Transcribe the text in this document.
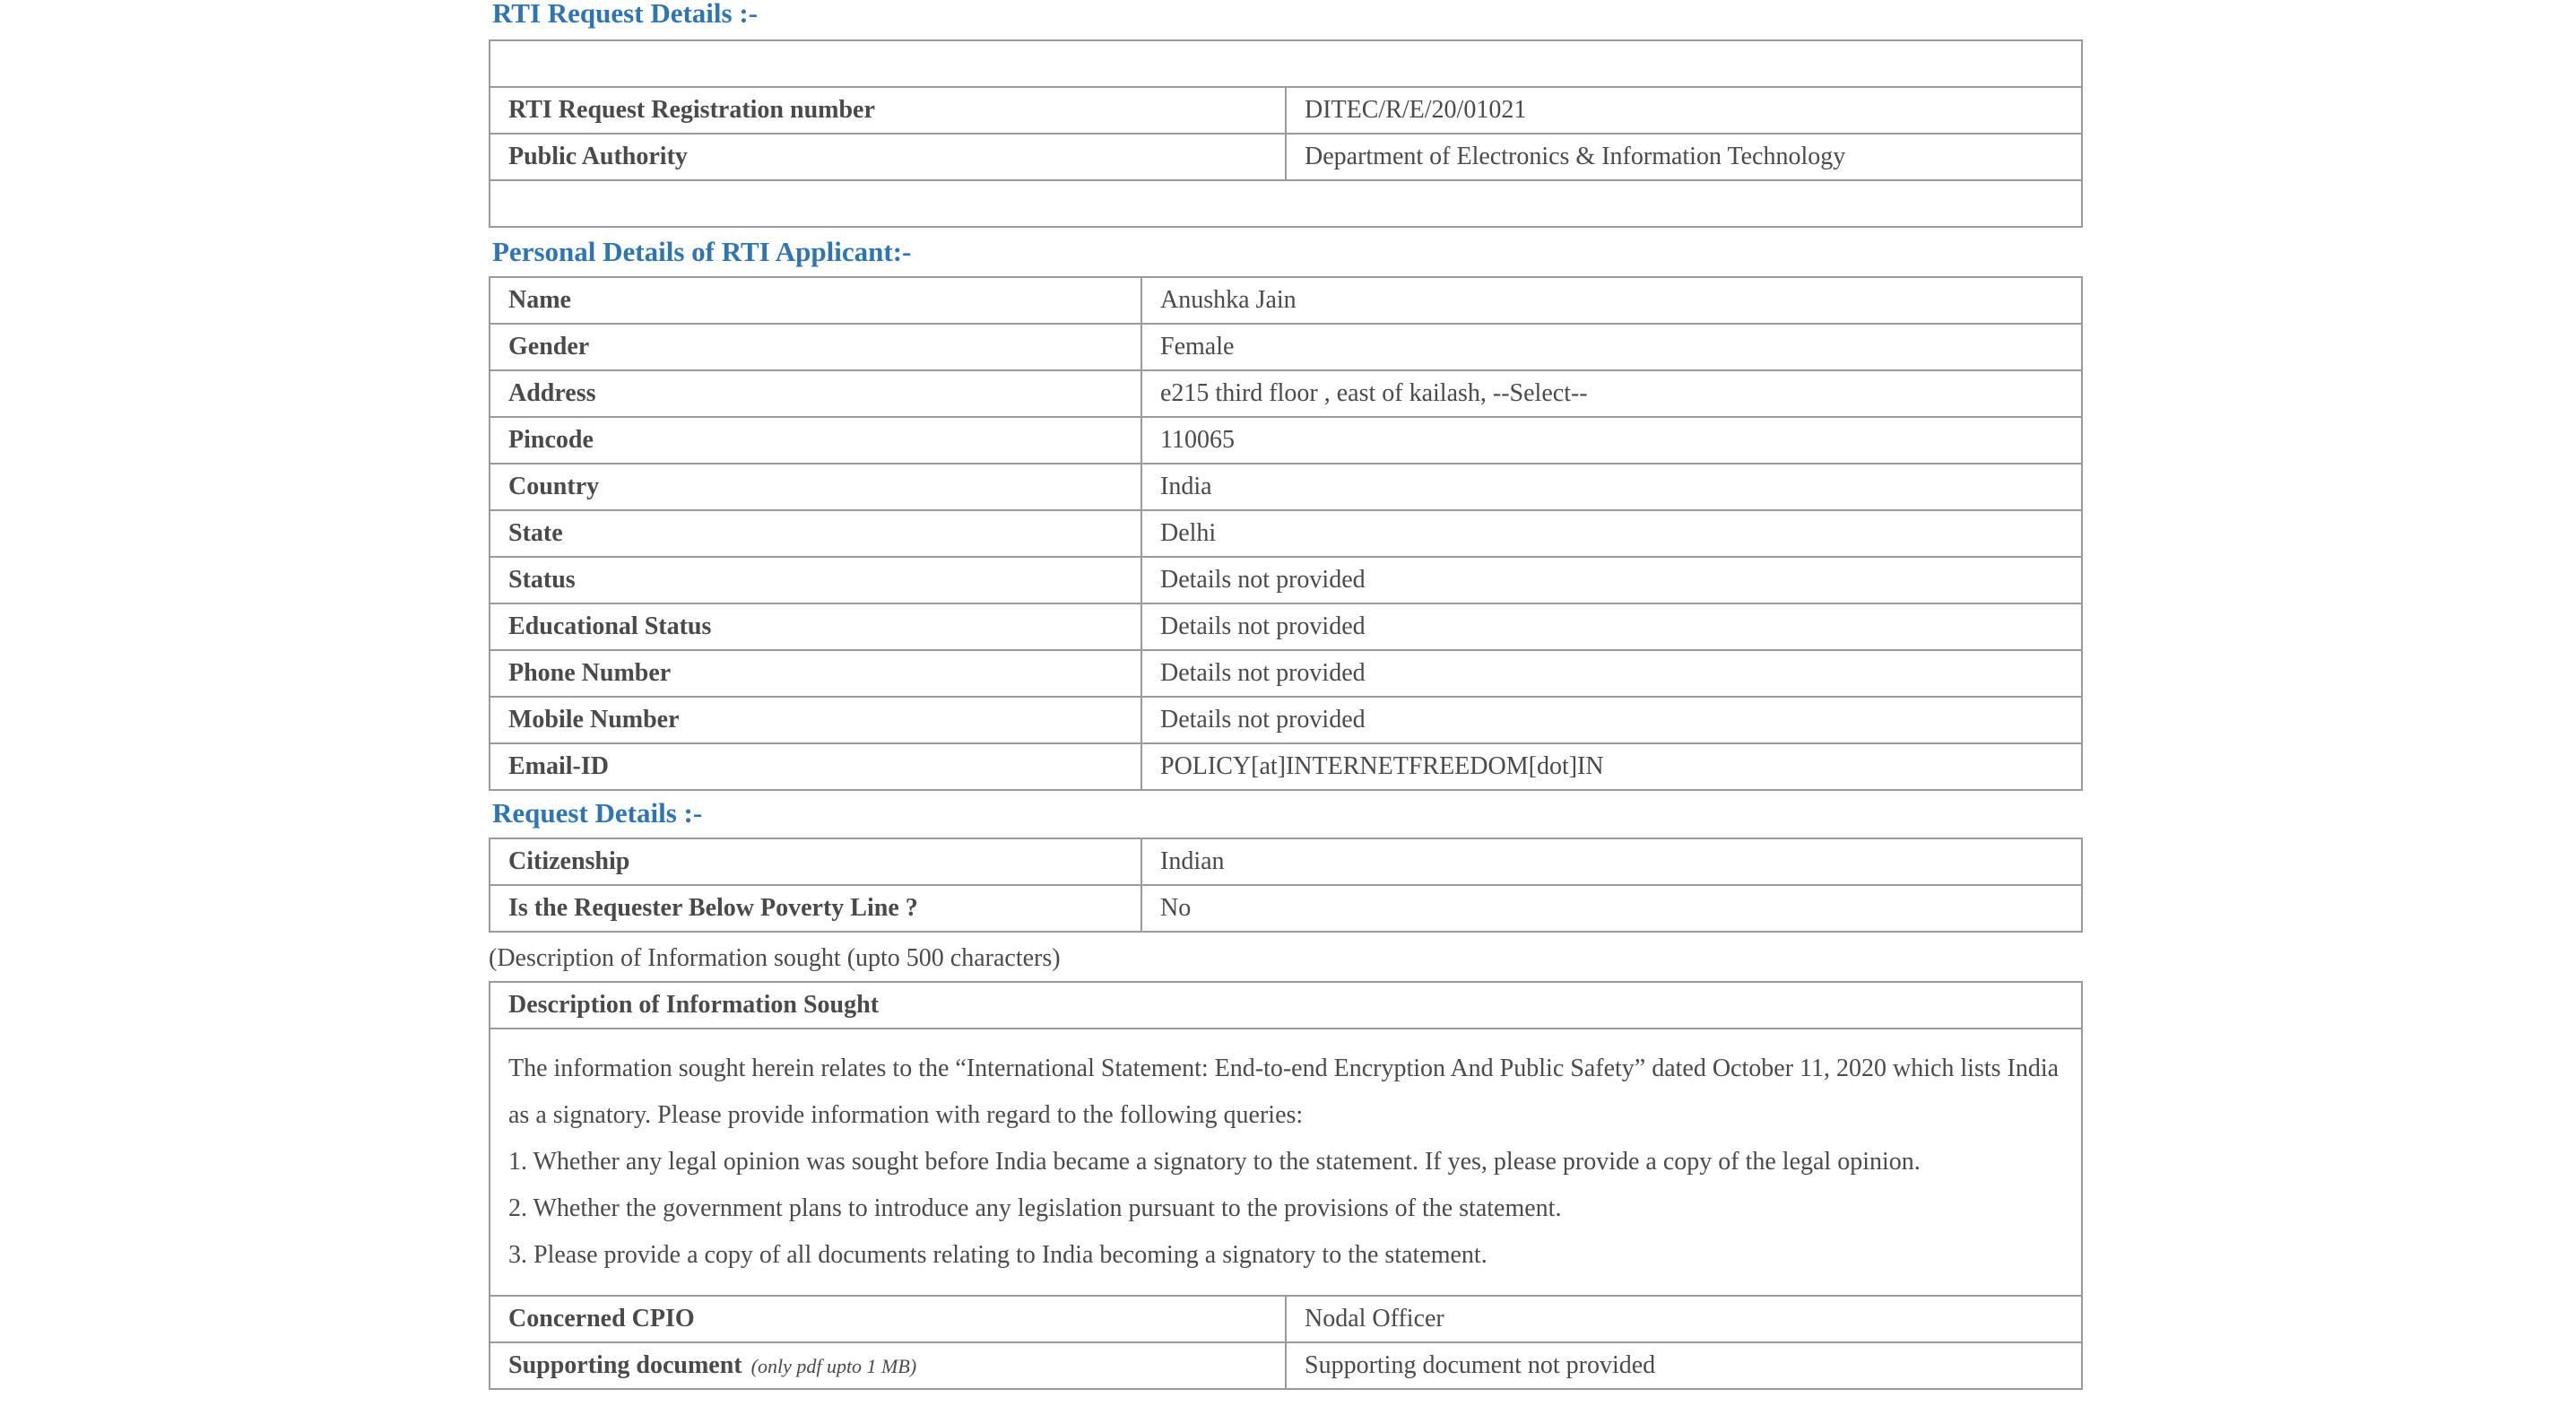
RTI Request Details :-

RTI Request Registration number	DITEC/R/E/20/01021
Public Authority	Department of Electronics & Information Technology

Personal Details of RTI Applicant:-
Name	Anushka Jain
Gender	Female
Address	e215 third floor , east of kailash, --Select--
Pincode	110065
Country	India
State	Delhi
Status	Details not provided
Educational Status	Details not provided
Phone Number	Details not provided
Mobile Number	Details not provided
Email-ID	POLICY[at]INTERNETFREEDOM[dot]IN
Request Details :-
Citizenship	Indian
Is the Requester Below Poverty Line ?	No
(Description of Information sought (upto 500 characters)
Description of Information Sought	

The information sought herein relates to the “International Statement: End-to-end Encryption And Public Safety” dated October 11, 2020 which lists India as a signatory. Please provide information with regard to the following queries:

1. Whether any legal opinion was sought before India became a signatory to the statement. If yes, please provide a copy of the legal opinion.

2. Whether the government plans to introduce any legislation pursuant to the provisions of the statement.

3. Please provide a copy of all documents relating to India becoming a signatory to the statement.	

Concerned CPIO	Nodal Officer
Supporting document (only pdf upto 1 MB)	Supporting document not provided
